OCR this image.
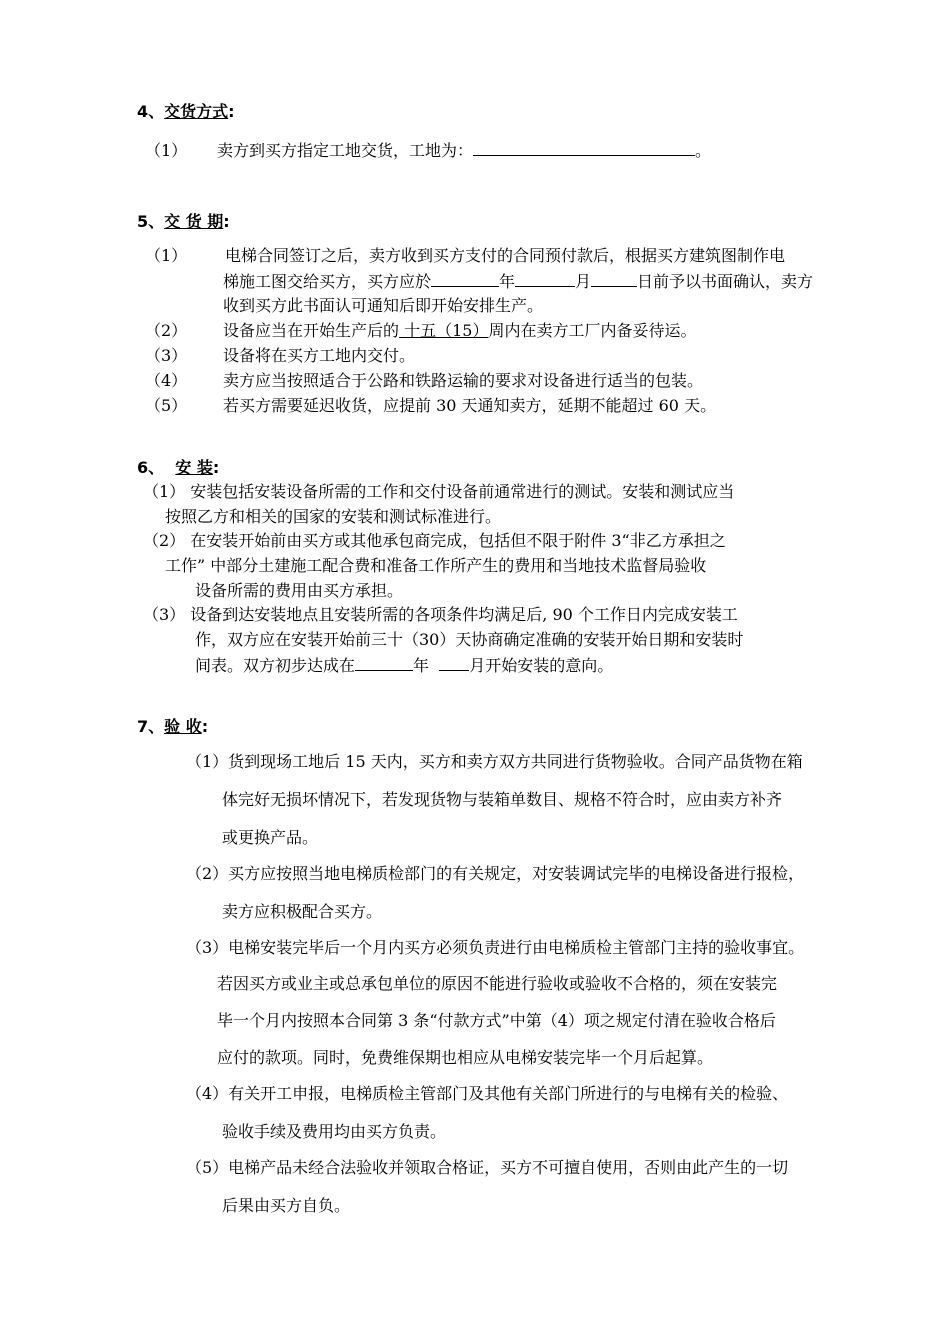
4、交货方式:
（1） 卖方到买方指定工地交货，工地为：	。
5、交 货 期:
（1） 电梯合同签订之后，卖方收到买方支付的合同预付款后，根据买方建筑图制作电
梯施工图交给买方，买方应於	年	月	日前予以书面确认，卖方
收到买方此书面认可通知后即开始安排生产。
（2） 设备应当在开始生产后的 十五（15）周内在卖方工厂内备妥待运。
（3） 设备将在买方工地内交付。
（4） 卖方应当按照适合于公路和铁路运输的要求对设备进行适当的包装。
（5） 若买方需要延迟收货，应提前 30 天通知卖方，延期不能超过 60 天。
6、 安 装:
（1） 安装包括安装设备所需的工作和交付设备前通常进行的测试。安装和测试应当
按照乙方和相关的国家的安装和测试标准进行。
（2） 在安装开始前由买方或其他承包商完成，包括但不限于附件 3“非乙方承担之
工作” 中部分土建施工配合费和准备工作所产生的费用和当地技术监督局验收
设备所需的费用由买方承担。
（3） 设备到达安装地点且安装所需的各项条件均满足后, 90 个工作日内完成安装工
作，双方应在安装开始前三十（30）天协商确定准确的安装开始日期和安装时
间表。双方初步达成在	年  月开始安装的意向。
7、验 收:
（1）货到现场工地后 15 天内，买方和卖方双方共同进行货物验收。合同产品货物在箱
体完好无损坏情况下，若发现货物与装箱单数目、规格不符合时，应由卖方补齐
或更换产品。
（2）买方应按照当地电梯质检部门的有关规定，对安装调试完毕的电梯设备进行报检，
卖方应积极配合买方。
（3）电梯安装完毕后一个月内买方必须负责进行由电梯质检主管部门主持的验收事宜。
若因买方或业主或总承包单位的原因不能进行验收或验收不合格的，须在安装完
毕一个月内按照本合同第 3 条“付款方式”中第（4）项之规定付清在验收合格后
应付的款项。同时，免费维保期也相应从电梯安装完毕一个月后起算。
（4）有关开工申报，电梯质检主管部门及其他有关部门所进行的与电梯有关的检验、
验收手续及费用均由买方负责。
（5）电梯产品未经合法验收并领取合格证，买方不可擅自使用，否则由此产生的一切
后果由买方自负。
